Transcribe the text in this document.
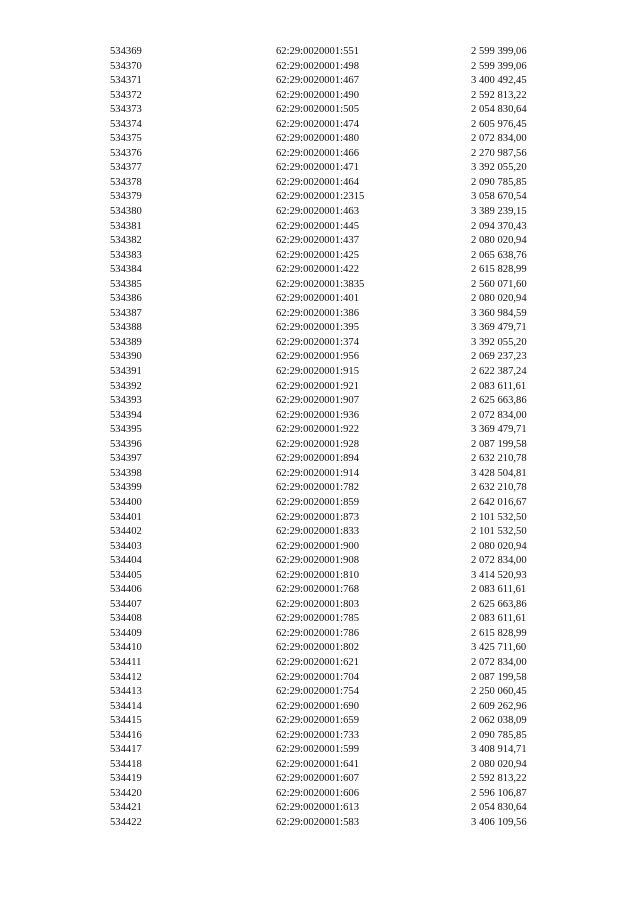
534369	62:29:0020001:551	2 599 399,06
534370	62:29:0020001:498	2 599 399,06
534371	62:29:0020001:467	3 400 492,45
534372	62:29:0020001:490	2 592 813,22
534373	62:29:0020001:505	2 054 830,64
534374	62:29:0020001:474	2 605 976,45
534375	62:29:0020001:480	2 072 834,00
534376	62:29:0020001:466	2 270 987,56
534377	62:29:0020001:471	3 392 055,20
534378	62:29:0020001:464	2 090 785,85
534379	62:29:0020001:2315	3 058 670,54
534380	62:29:0020001:463	3 389 239,15
534381	62:29:0020001:445	2 094 370,43
534382	62:29:0020001:437	2 080 020,94
534383	62:29:0020001:425	2 065 638,76
534384	62:29:0020001:422	2 615 828,99
534385	62:29:0020001:3835	2 560 071,60
534386	62:29:0020001:401	2 080 020,94
534387	62:29:0020001:386	3 360 984,59
534388	62:29:0020001:395	3 369 479,71
534389	62:29:0020001:374	3 392 055,20
534390	62:29:0020001:956	2 069 237,23
534391	62:29:0020001:915	2 622 387,24
534392	62:29:0020001:921	2 083 611,61
534393	62:29:0020001:907	2 625 663,86
534394	62:29:0020001:936	2 072 834,00
534395	62:29:0020001:922	3 369 479,71
534396	62:29:0020001:928	2 087 199,58
534397	62:29:0020001:894	2 632 210,78
534398	62:29:0020001:914	3 428 504,81
534399	62:29:0020001:782	2 632 210,78
534400	62:29:0020001:859	2 642 016,67
534401	62:29:0020001:873	2 101 532,50
534402	62:29:0020001:833	2 101 532,50
534403	62:29:0020001:900	2 080 020,94
534404	62:29:0020001:908	2 072 834,00
534405	62:29:0020001:810	3 414 520,93
534406	62:29:0020001:768	2 083 611,61
534407	62:29:0020001:803	2 625 663,86
534408	62:29:0020001:785	2 083 611,61
534409	62:29:0020001:786	2 615 828,99
534410	62:29:0020001:802	3 425 711,60
534411	62:29:0020001:621	2 072 834,00
534412	62:29:0020001:704	2 087 199,58
534413	62:29:0020001:754	2 250 060,45
534414	62:29:0020001:690	2 609 262,96
534415	62:29:0020001:659	2 062 038,09
534416	62:29:0020001:733	2 090 785,85
534417	62:29:0020001:599	3 408 914,71
534418	62:29:0020001:641	2 080 020,94
534419	62:29:0020001:607	2 592 813,22
534420	62:29:0020001:606	2 596 106,87
534421	62:29:0020001:613	2 054 830,64
534422	62:29:0020001:583	3 406 109,56
